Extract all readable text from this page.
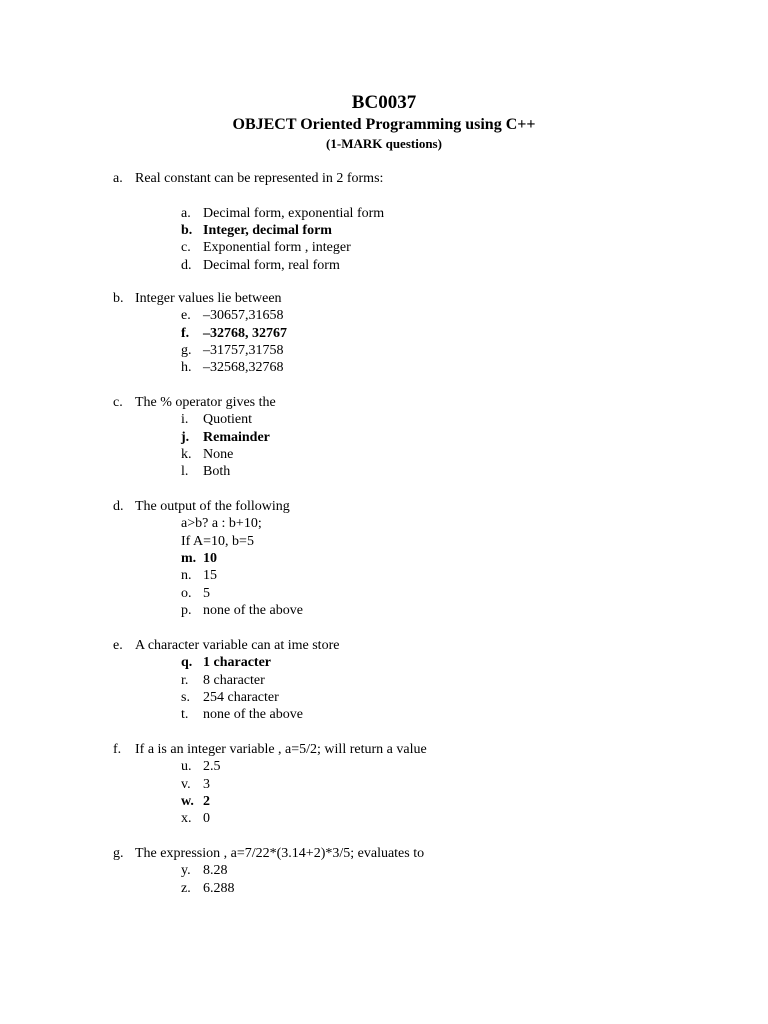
BC0037
OBJECT Oriented Programming using C++
(1-MARK questions)
a. Real constant can be represented in 2 forms:
a. Decimal form, exponential form
b. Integer, decimal form
c. Exponential form , integer
d. Decimal form, real form
b. Integer values lie between
e. –30657,31658
f. –32768, 32767
g. –31757,31758
h. –32568,32768
c. The % operator gives the
i. Quotient
j. Remainder
k. None
l. Both
d. The output of the following
a>b? a : b+10;
If A=10, b=5
m. 10
n. 15
o. 5
p. none of the above
e. A character variable can at ime store
q. 1 character
r. 8 character
s. 254 character
t. none of the above
f. If a is an integer variable , a=5/2; will return a value
u. 2.5
v. 3
w. 2
x. 0
g. The expression , a=7/22*(3.14+2)*3/5; evaluates to
y. 8.28
z. 6.288
